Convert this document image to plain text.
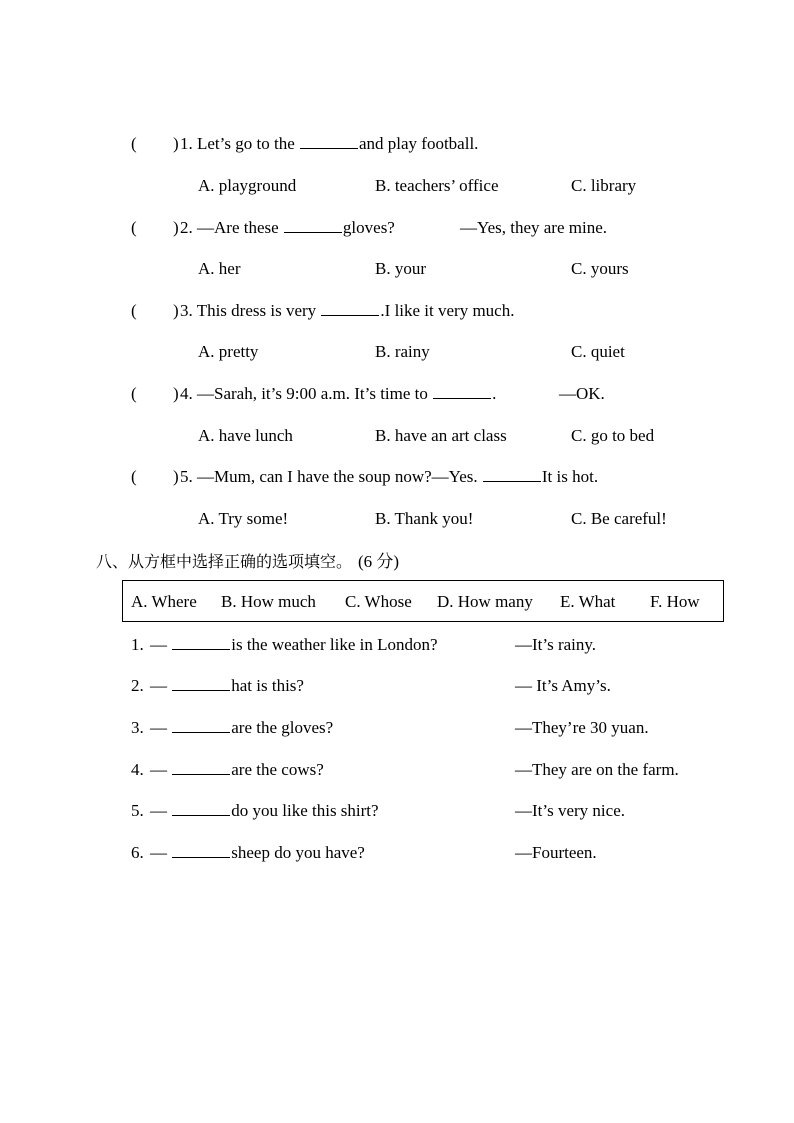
( ) 1. Let’s go to the	and play football.
A. playground	B. teachers’ office	C. library
( ) 2. —Are these	gloves?	—Yes, they are mine.
A. her	B. your	C. yours
( ) 3. This dress is very	.I like it very much.
A. pretty	B. rainy	C. quiet
( ) 4. —Sarah, it’s 9:00 a.m. It’s time to	.	—OK.
A. have lunch	B. have an art class	C. go to bed
( ) 5. —Mum, can I have the soup now?—Yes.	It is hot.
A. Try some!	B. Thank you!	C. Be careful!
八、从方框中选择正确的选项填空。 (6 分)
A. Where B. How much C. Whose D. How many E. What F. How
1. —	is the weather like in London?	—It’s rainy.
2. —	hat is this?	— It’s Amy’s.
3. —	are the gloves?	—They’re 30 yuan.
4. —	are the cows?	—They are on the farm.
5. —	do you like this shirt?	—It’s very nice.
6. —	sheep do you have?	—Fourteen.
